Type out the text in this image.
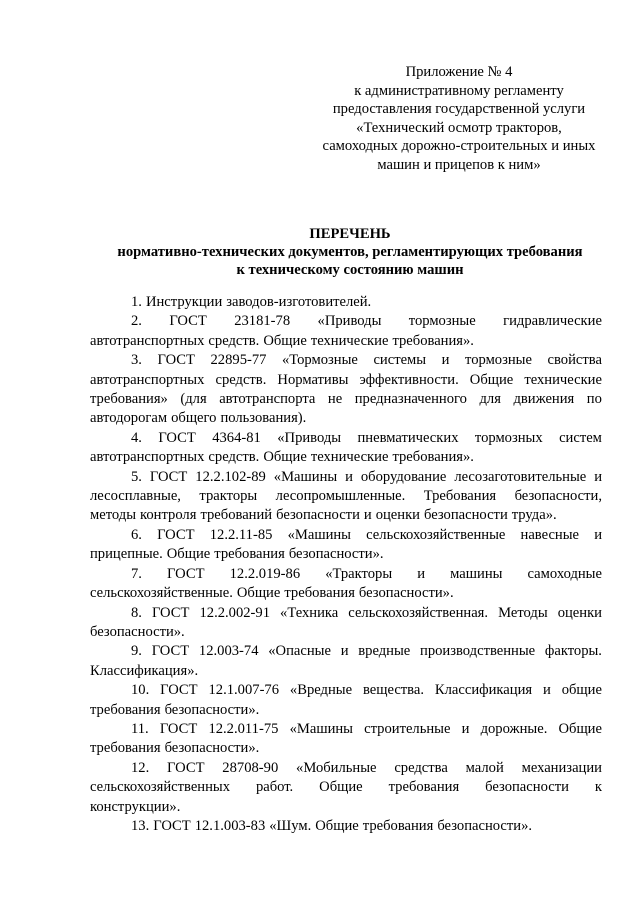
Приложение № 4
к административному регламенту
предоставления государственной услуги
«Технический осмотр тракторов,
самоходных дорожно-строительных и иных
машин и прицепов к ним»
ПЕРЕЧЕНЬ
нормативно-технических документов, регламентирующих требования
к техническому состоянию машин
1. Инструкции заводов-изготовителей.
2. ГОСТ 23181-78 «Приводы тормозные гидравлические
автотранспортных средств. Общие технические требования».
3. ГОСТ 22895-77 «Тормозные системы и тормозные свойства
автотранспортных средств. Нормативы эффективности. Общие технические
требования» (для автотранспорта не предназначенного для движения по
автодорогам общего пользования).
4. ГОСТ 4364-81 «Приводы пневматических тормозных систем
автотранспортных средств. Общие технические требования».
5. ГОСТ 12.2.102-89 «Машины и оборудование лесозаготовительные и
лесосплавные, тракторы лесопромышленные. Требования безопасности,
методы контроля требований безопасности и оценки безопасности труда».
6. ГОСТ 12.2.11-85 «Машины сельскохозяйственные навесные и
прицепные. Общие требования безопасности».
7. ГОСТ 12.2.019-86 «Тракторы и машины самоходные
сельскохозяйственные. Общие требования безопасности».
8. ГОСТ 12.2.002-91 «Техника сельскохозяйственная. Методы оценки
безопасности».
9. ГОСТ 12.003-74 «Опасные и вредные производственные факторы.
Классификация».
10. ГОСТ 12.1.007-76 «Вредные вещества. Классификация и общие
требования безопасности».
11. ГОСТ 12.2.011-75 «Машины строительные и дорожные. Общие
требования безопасности».
12. ГОСТ 28708-90 «Мобильные средства малой механизации
сельскохозяйственных работ. Общие требования безопасности к
конструкции».
13. ГОСТ 12.1.003-83 «Шум. Общие требования безопасности».
